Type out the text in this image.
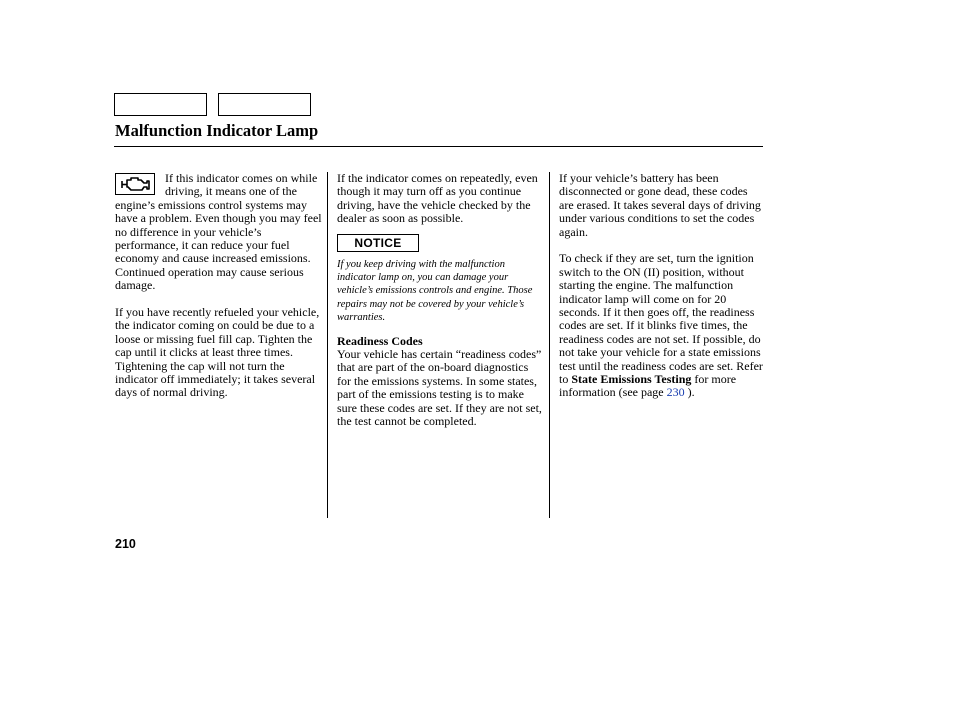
Malfunction Indicator Lamp

If this indicator comes on while driving, it means one of the engine’s emissions control systems may have a problem. Even though you may feel no difference in your vehicle’s performance, it can reduce your fuel economy and cause increased emissions. Continued operation may cause serious damage.

If you have recently refueled your vehicle, the indicator coming on could be due to a loose or missing fuel fill cap. Tighten the cap until it clicks at least three times. Tightening the cap will not turn the indicator off immediately; it takes several days of normal driving.

If the indicator comes on repeatedly, even though it may turn off as you continue driving, have the vehicle checked by the dealer as soon as possible.

NOTICE

If you keep driving with the malfunction indicator lamp on, you can damage your vehicle’s emissions controls and engine. Those repairs may not be covered by your vehicle’s warranties.

Readiness Codes

Your vehicle has certain “readiness codes” that are part of the on-board diagnostics for the emissions systems. In some states, part of the emissions testing is to make sure these codes are set. If they are not set, the test cannot be completed.

If your vehicle’s battery has been disconnected or gone dead, these codes are erased. It takes several days of driving under various conditions to set the codes again.

To check if they are set, turn the ignition switch to the ON (II) position, without starting the engine. The malfunction indicator lamp will come on for 20 seconds. If it then goes off, the readiness codes are set. If it blinks five times, the readiness codes are not set. If possible, do not take your vehicle for a state emissions test until the readiness codes are set. Refer to State Emissions Testing for more information (see page 230 ).

210
